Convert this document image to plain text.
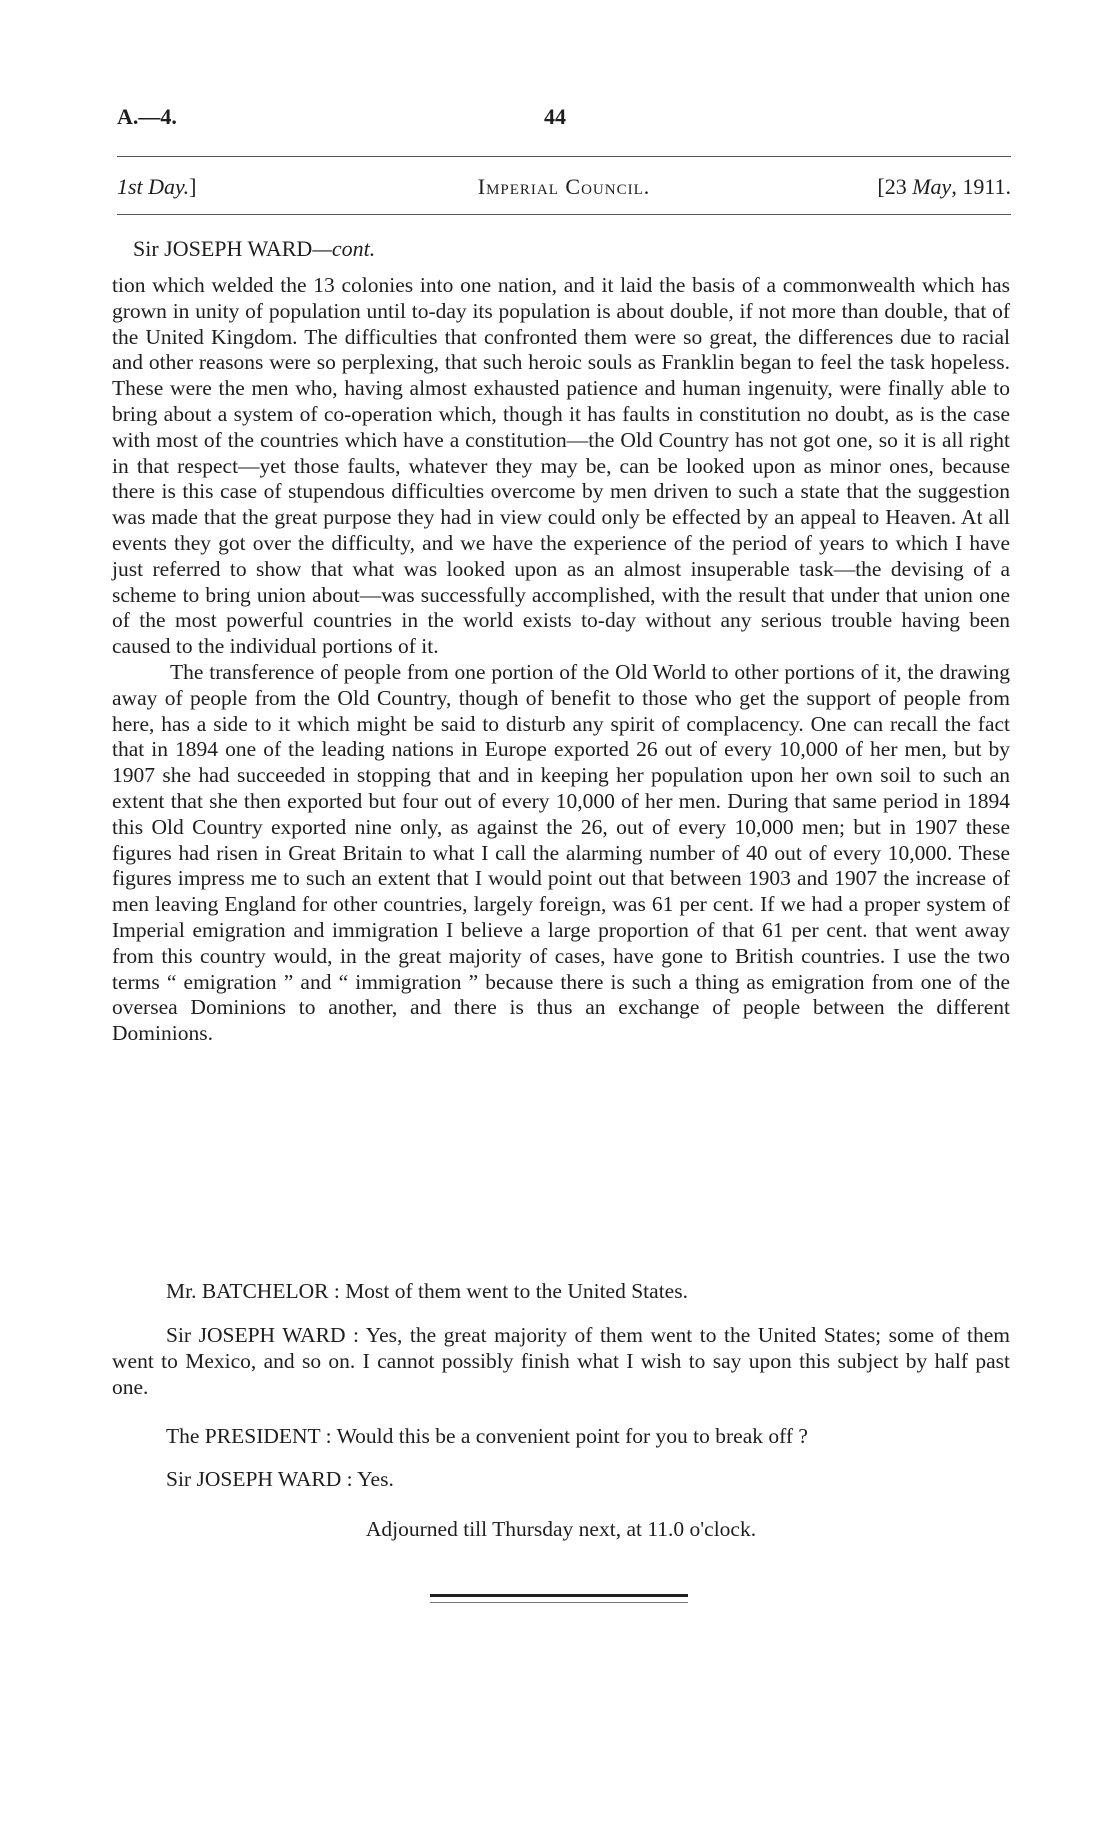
A.—4.	44
1st Day.]	Imperial Council.	[23 May, 1911.
Sir JOSEPH WARD—cont.

tion which welded the 13 colonies into one nation, and it laid the basis of a commonwealth which has grown in unity of population until to-day its population is about double, if not more than double, that of the United Kingdom. The difficulties that confronted them were so great, the differences due to racial and other reasons were so perplexing, that such heroic souls as Franklin began to feel the task hopeless. These were the men who, having almost exhausted patience and human ingenuity, were finally able to bring about a system of co-operation which, though it has faults in constitution no doubt, as is the case with most of the countries which have a constitution—the Old Country has not got one, so it is all right in that respect—yet those faults, whatever they may be, can be looked upon as minor ones, because there is this case of stupendous difficulties overcome by men driven to such a state that the suggestion was made that the great purpose they had in view could only be effected by an appeal to Heaven. At all events they got over the difficulty, and we have the experience of the period of years to which I have just referred to show that what was looked upon as an almost insuperable task—the devising of a scheme to bring union about—was successfully accomplished, with the result that under that union one of the most powerful countries in the world exists to-day without any serious trouble having been caused to the individual portions of it.

The transference of people from one portion of the Old World to other portions of it, the drawing away of people from the Old Country, though of benefit to those who get the support of people from here, has a side to it which might be said to disturb any spirit of complacency. One can recall the fact that in 1894 one of the leading nations in Europe exported 26 out of every 10,000 of her men, but by 1907 she had succeeded in stopping that and in keeping her population upon her own soil to such an extent that she then exported but four out of every 10,000 of her men. During that same period in 1894 this Old Country exported nine only, as against the 26, out of every 10,000 men; but in 1907 these figures had risen in Great Britain to what I call the alarming number of 40 out of every 10,000. These figures impress me to such an extent that I would point out that between 1903 and 1907 the increase of men leaving England for other countries, largely foreign, was 61 per cent. If we had a proper system of Imperial emigration and immigration I believe a large proportion of that 61 per cent. that went away from this country would, in the great majority of cases, have gone to British countries. I use the two terms “ emigration ” and “ immigration ” because there is such a thing as emigration from one of the oversea Dominions to another, and there is thus an exchange of people between the different Dominions.

Mr. BATCHELOR : Most of them went to the United States.

Sir JOSEPH WARD : Yes, the great majority of them went to the United States; some of them went to Mexico, and so on. I cannot possibly finish what I wish to say upon this subject by half past one.

The PRESIDENT : Would this be a convenient point for you to break off ?

Sir JOSEPH WARD : Yes.

Adjourned till Thursday next, at 11.0 o'clock.
